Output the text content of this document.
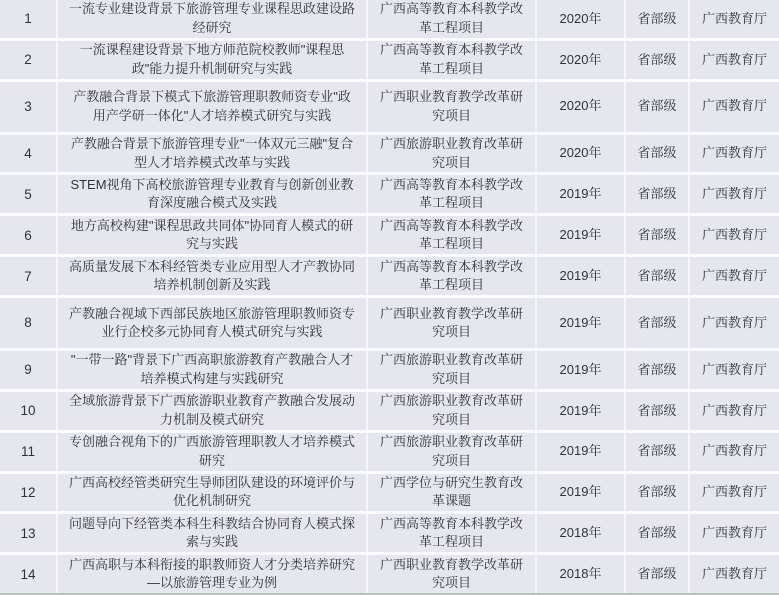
1
一流专业建设背景下旅游管理专业课程思政建设路经研究
广西高等教育本科教学改革工程项目
2020年	省部级	广西教育厅
2
一流课程建设背景下地方师范院校教师"课程思政"能力提升机制研究与实践
广西高等教育本科教学改革工程项目
2020年	省部级	广西教育厅
3
产教融合背景下模式下旅游管理职教师资专业"政用产学研一体化"人才培养模式研究与实践
广西职业教育教学改革研究项目
2020年	省部级	广西教育厅
4
产教融合背景下旅游管理专业"一体双元三融"复合型人才培养模式改革与实践
广西旅游职业教育改革研究项目
2020年	省部级	广西教育厅
5
STEM视角下高校旅游管理专业教育与创新创业教育深度融合模式及实践
广西高等教育本科教学改革工程项目
2019年	省部级	广西教育厅
6
地方高校构建"课程思政共同体"协同育人模式的研究与实践
广西高等教育本科教学改革工程项目
2019年	省部级	广西教育厅
7
高质量发展下本科经管类专业应用型人才产教协同培养机制创新及实践
广西高等教育本科教学改革工程项目
2019年	省部级	广西教育厅
8
产教融合视域下西部民族地区旅游管理职教师资专业行企校多元协同育人模式研究与实践
广西职业教育教学改革研究项目
2019年	省部级	广西教育厅
9
"一带一路"背景下广西高职旅游教育产教融合人才培养模式构建与实践研究
广西旅游职业教育改革研究项目
2019年	省部级	广西教育厅
10
全域旅游背景下广西旅游职业教育产教融合发展动力机制及模式研究
广西旅游职业教育改革研究项目
2019年	省部级	广西教育厅
11
专创融合视角下的广西旅游管理职教人才培养模式研究
广西旅游职业教育改革研究项目
2019年	省部级	广西教育厅
12
广西高校经管类研究生导师团队建设的环境评价与优化机制研究
广西学位与研究生教育改革课题
2019年	省部级	广西教育厅
13
问题导向下经管类本科生科教结合协同育人模式探索与实践
广西高等教育本科教学改革工程项目
2018年	省部级	广西教育厅
14
广西高职与本科衔接的职教师资人才分类培养研究—以旅游管理专业为例
广西职业教育教学改革研究项目
2018年	省部级	广西教育厅
